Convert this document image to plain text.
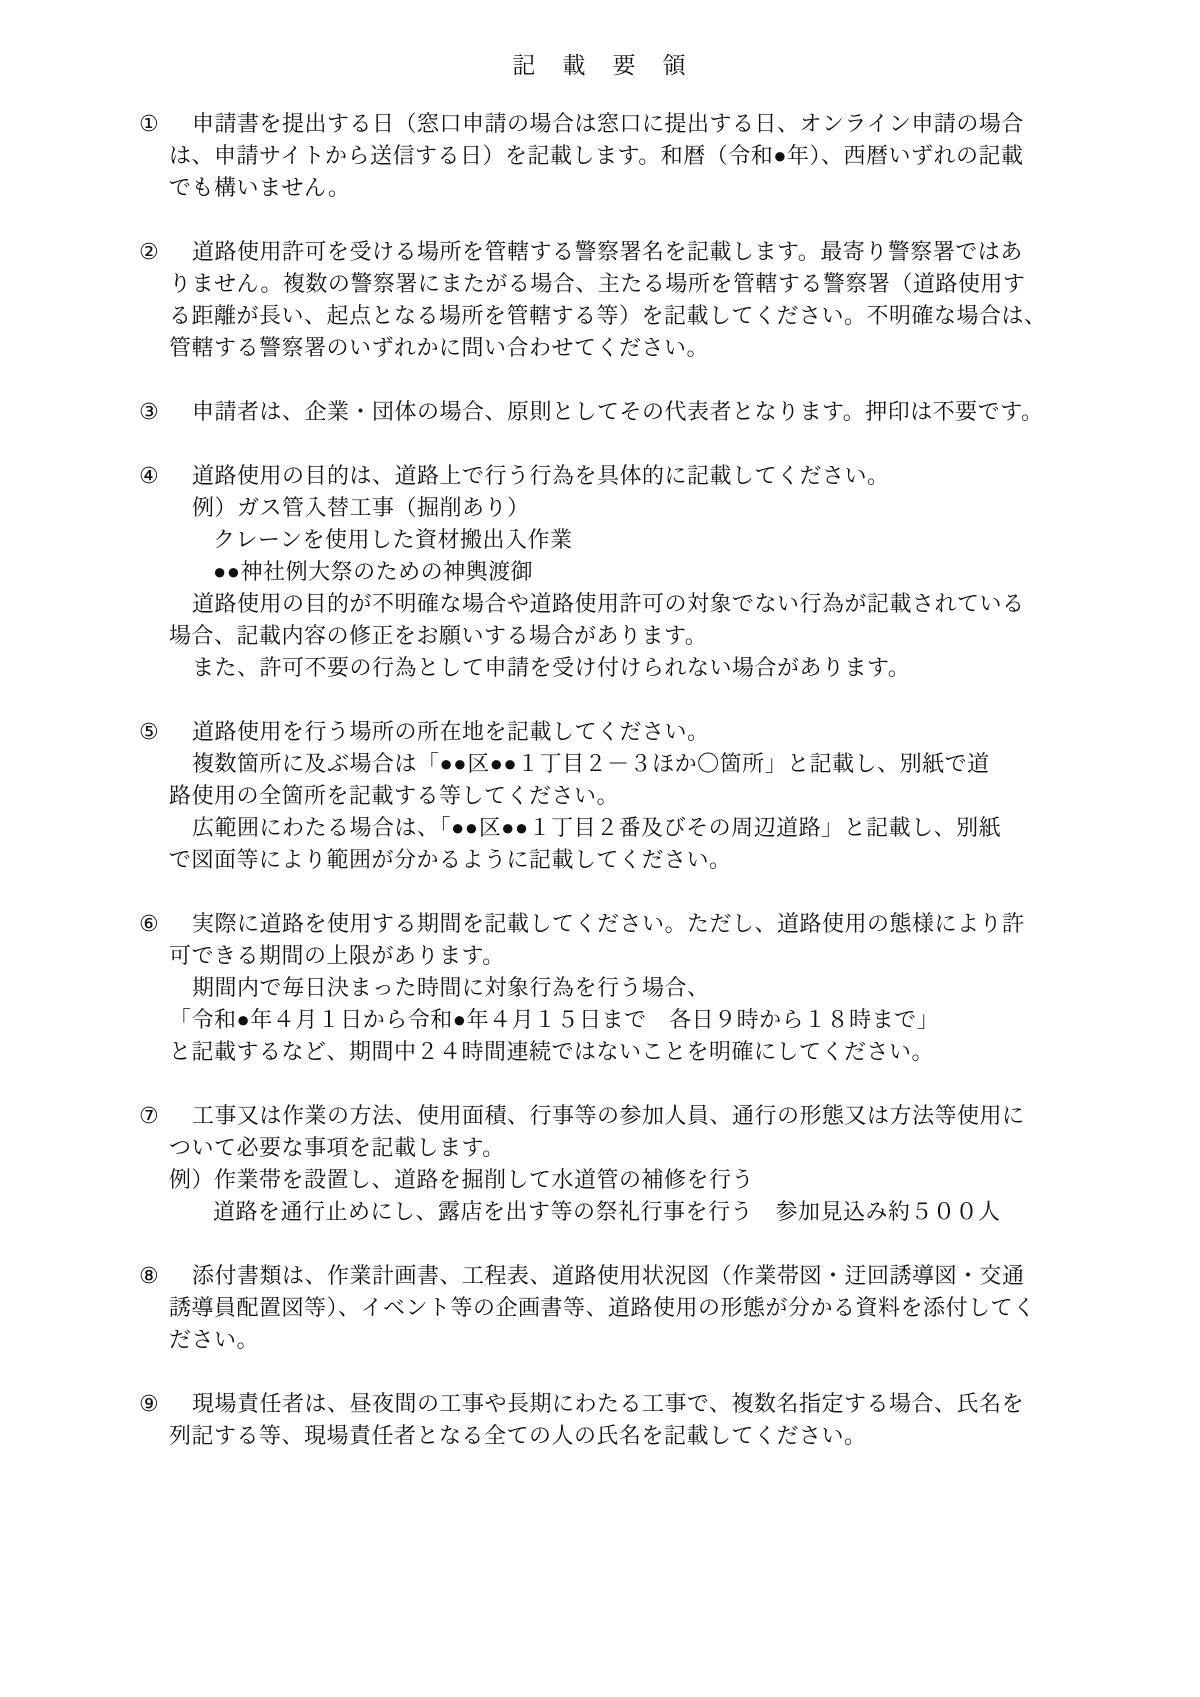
記　載　要　領
①	申請書を提出する日（窓口申請の場合は窓口に提出する日、オンライン申請の場合
は、申請サイトから送信する日）を記載します。和暦（令和●年）、西暦いずれの記載
でも構いません。
②	道路使用許可を受ける場所を管轄する警察署名を記載します。最寄り警察署ではあ
りません。複数の警察署にまたがる場合、主たる場所を管轄する警察署（道路使用す
る距離が長い、起点となる場所を管轄する等）を記載してください。不明確な場合は、
管轄する警察署のいずれかに問い合わせてください。
③	申請者は、企業・団体の場合、原則としてその代表者となります。押印は不要です。
④	道路使用の目的は、道路上で行う行為を具体的に記載してください。
例）ガス管入替工事（掘削あり）
クレーンを使用した資材搬出入作業
●●神社例大祭のための神輿渡御
道路使用の目的が不明確な場合や道路使用許可の対象でない行為が記載されている
場合、記載内容の修正をお願いする場合があります。
また、許可不要の行為として申請を受け付けられない場合があります。
⑤	道路使用を行う場所の所在地を記載してください。
複数箇所に及ぶ場合は「●●区●●１丁目２－３ほか〇箇所」と記載し、別紙で道
路使用の全箇所を記載する等してください。
広範囲にわたる場合は、「●●区●●１丁目２番及びその周辺道路」と記載し、別紙
で図面等により範囲が分かるように記載してください。
⑥	実際に道路を使用する期間を記載してください。ただし、道路使用の態様により許
可できる期間の上限があります。
期間内で毎日決まった時間に対象行為を行う場合、
「令和●年４月１日から令和●年４月１５日まで　各日９時から１８時まで」
と記載するなど、期間中２４時間連続ではないことを明確にしてください。
⑦	工事又は作業の方法、使用面積、行事等の参加人員、通行の形態又は方法等使用に
ついて必要な事項を記載します。
例）作業帯を設置し、道路を掘削して水道管の補修を行う
道路を通行止めにし、露店を出す等の祭礼行事を行う　参加見込み約５００人
⑧	添付書類は、作業計画書、工程表、道路使用状況図（作業帯図・迂回誘導図・交通
誘導員配置図等）、イベント等の企画書等、道路使用の形態が分かる資料を添付してく
ださい。
⑨	現場責任者は、昼夜間の工事や長期にわたる工事で、複数名指定する場合、氏名を
列記する等、現場責任者となる全ての人の氏名を記載してください。
